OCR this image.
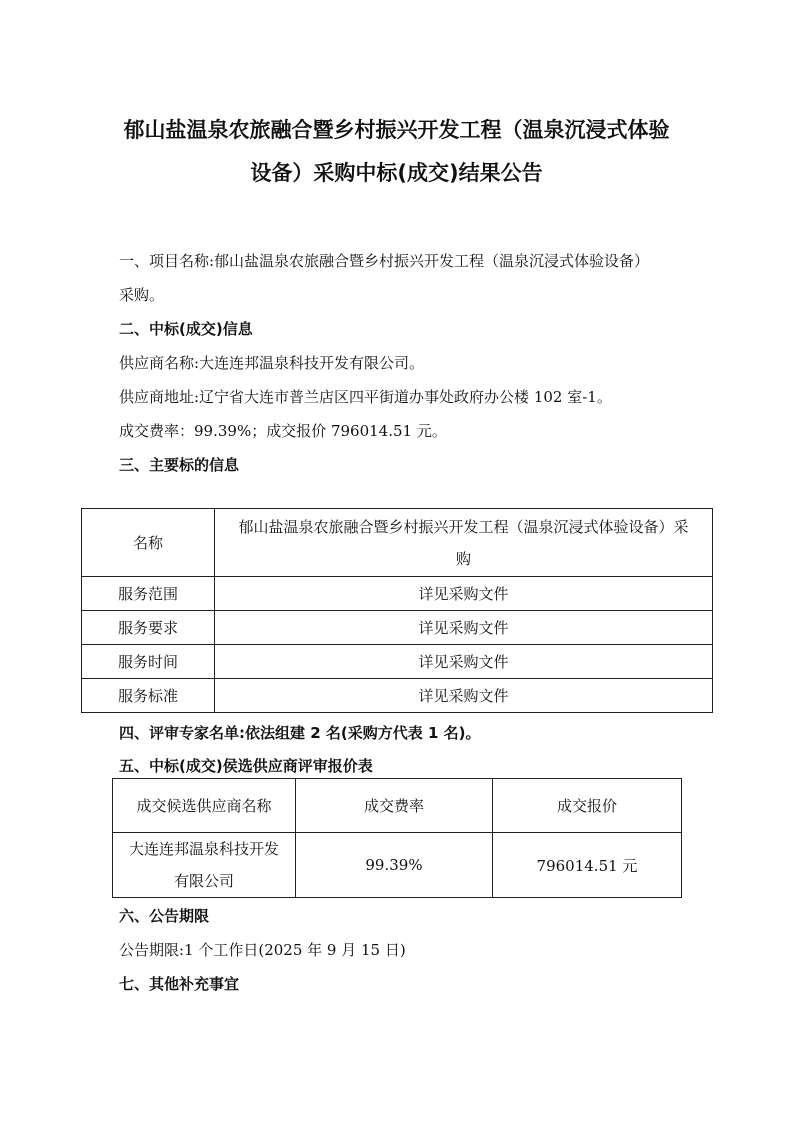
郁山盐温泉农旅融合暨乡村振兴开发工程（温泉沉浸式体验
设备）采购中标(成交)结果公告
一、项目名称:郁山盐温泉农旅融合暨乡村振兴开发工程（温泉沉浸式体验设备）
采购。
二、中标(成交)信息
供应商名称:大连连邦温泉科技开发有限公司。
供应商地址:辽宁省大连市普兰店区四平街道办事处政府办公楼 102 室-1。
成交费率：99.39%；成交报价 796014.51 元。
三、主要标的信息
名称	郁山盐温泉农旅融合暨乡村振兴开发工程（温泉沉浸式体验设备）采
购
服务范围	详见采购文件
服务要求	详见采购文件
服务时间	详见采购文件
服务标准	详见采购文件
四、评审专家名单:依法组建 2 名(采购方代表 1 名)。
五、中标(成交)侯选供应商评审报价表
成交候选供应商名称	成交费率	成交报价
大连连邦温泉科技开发
有限公司	99.39%	796014.51 元
六、公告期限
公告期限:1 个工作日(2025 年 9 月 15 日)
七、其他补充事宜
